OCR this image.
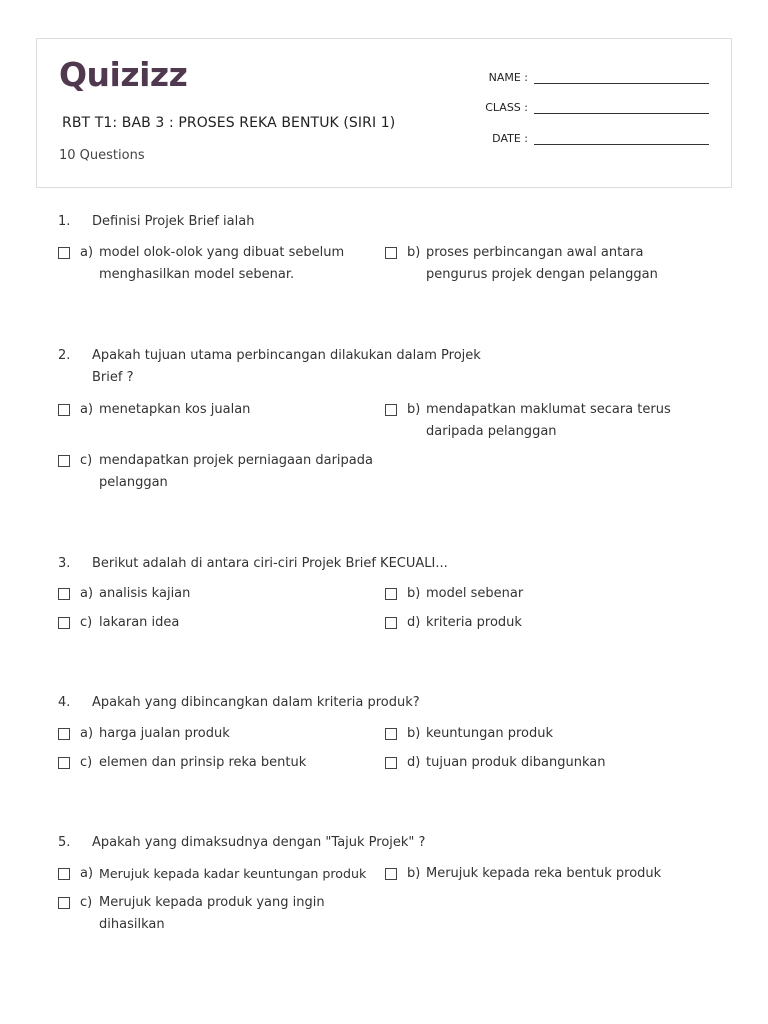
Quizizz
RBT T1: BAB 3 : PROSES REKA BENTUK (SIRI 1)
10 Questions
NAME :
CLASS :
DATE :
1.	Definisi Projek Brief ialah
a) model olok-olok yang dibuat sebelum menghasilkan model sebenar.
b) proses perbincangan awal antara pengurus projek dengan pelanggan
2.	Apakah tujuan utama perbincangan dilakukan dalam Projek Brief ?
a) menetapkan kos jualan	b) mendapatkan maklumat secara terus daripada pelanggan
c) mendapatkan projek perniagaan daripada pelanggan
3.	Berikut adalah di antara ciri-ciri Projek Brief KECUALI...
a) analisis kajian	b) model sebenar
c) lakaran idea	d) kriteria produk
4.	Apakah yang dibincangkan dalam kriteria produk?
a) harga jualan produk	b) keuntungan produk
c) elemen dan prinsip reka bentuk	d) tujuan produk dibangunkan
5.	Apakah yang dimaksudnya dengan "Tajuk Projek" ?
a) Merujuk kepada kadar keuntungan produk	b) Merujuk kepada reka bentuk produk
c) Merujuk kepada produk yang ingin dihasilkan
